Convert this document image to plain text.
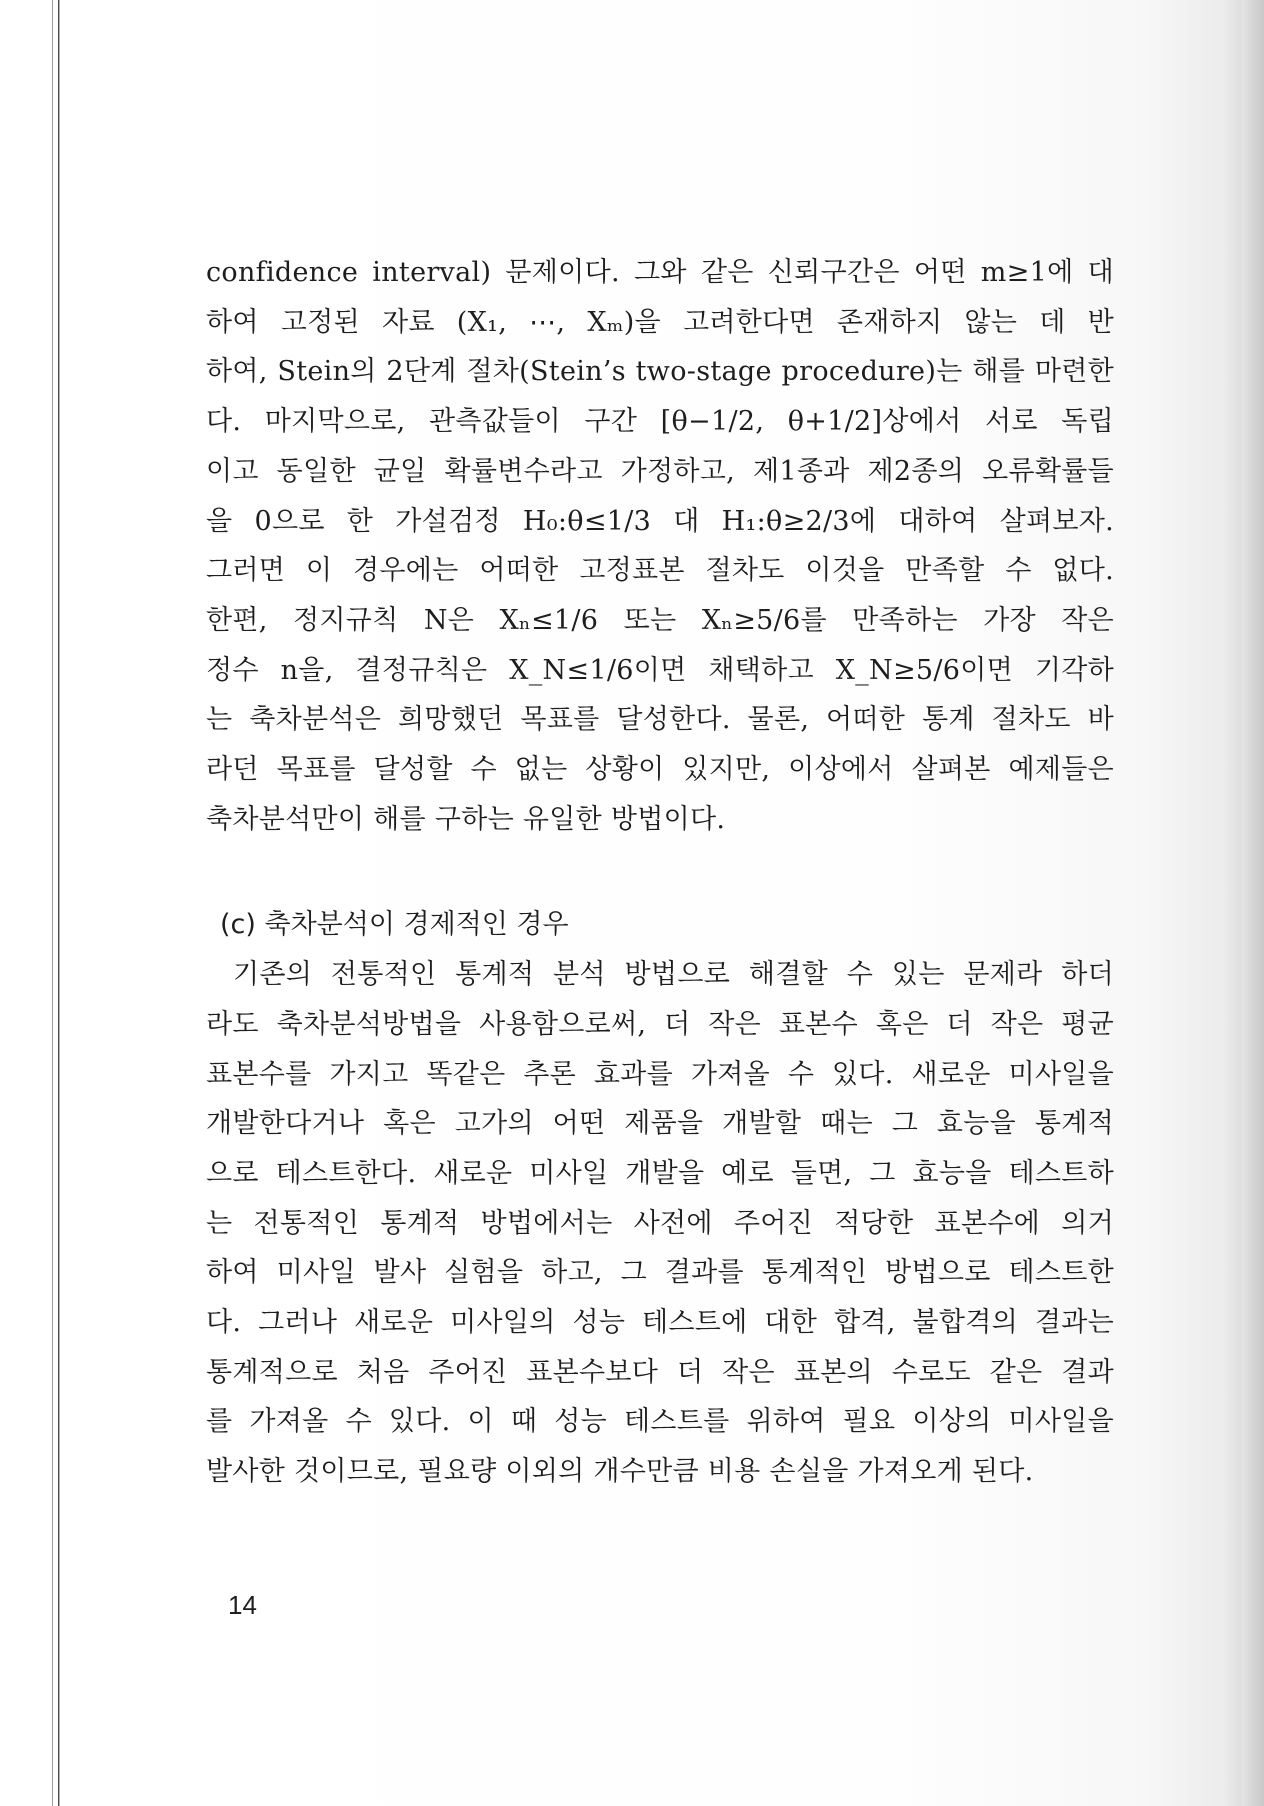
confidence interval) 문제이다. 그와 같은 신뢰구간은 어떤 m≥1에 대
하여 고정된 자료 (X₁, ⋯, Xₘ)을 고려한다면 존재하지 않는 데 반
하여, Stein의 2단계 절차(Stein’s two-stage procedure)는 해를 마련한
다. 마지막으로, 관측값들이 구간 [θ−1/2, θ+1/2]상에서 서로 독립
이고 동일한 균일 확률변수라고 가정하고, 제1종과 제2종의 오류확률들
을 0으로 한 가설검정 H₀:θ≤1/3 대 H₁:θ≥2/3에 대하여 살펴보자.
그러면 이 경우에는 어떠한 고정표본 절차도 이것을 만족할 수 없다.
한편, 정지규칙 N은 Xₙ≤1/6 또는 Xₙ≥5/6를 만족하는 가장 작은
정수 n을, 결정규칙은 X_N≤1/6이면 채택하고 X_N≥5/6이면 기각하
는 축차분석은 희망했던 목표를 달성한다. 물론, 어떠한 통계 절차도 바
라던 목표를 달성할 수 없는 상황이 있지만, 이상에서 살펴본 예제들은
축차분석만이 해를 구하는 유일한 방법이다.
(c) 축차분석이 경제적인 경우
기존의 전통적인 통계적 분석 방법으로 해결할 수 있는 문제라 하더
라도 축차분석방법을 사용함으로써, 더 작은 표본수 혹은 더 작은 평균
표본수를 가지고 똑같은 추론 효과를 가져올 수 있다. 새로운 미사일을
개발한다거나 혹은 고가의 어떤 제품을 개발할 때는 그 효능을 통계적
으로 테스트한다. 새로운 미사일 개발을 예로 들면, 그 효능을 테스트하
는 전통적인 통계적 방법에서는 사전에 주어진 적당한 표본수에 의거
하여 미사일 발사 실험을 하고, 그 결과를 통계적인 방법으로 테스트한
다. 그러나 새로운 미사일의 성능 테스트에 대한 합격, 불합격의 결과는
통계적으로 처음 주어진 표본수보다 더 작은 표본의 수로도 같은 결과
를 가져올 수 있다. 이 때 성능 테스트를 위하여 필요 이상의 미사일을
발사한 것이므로, 필요량 이외의 개수만큼 비용 손실을 가져오게 된다.
14
